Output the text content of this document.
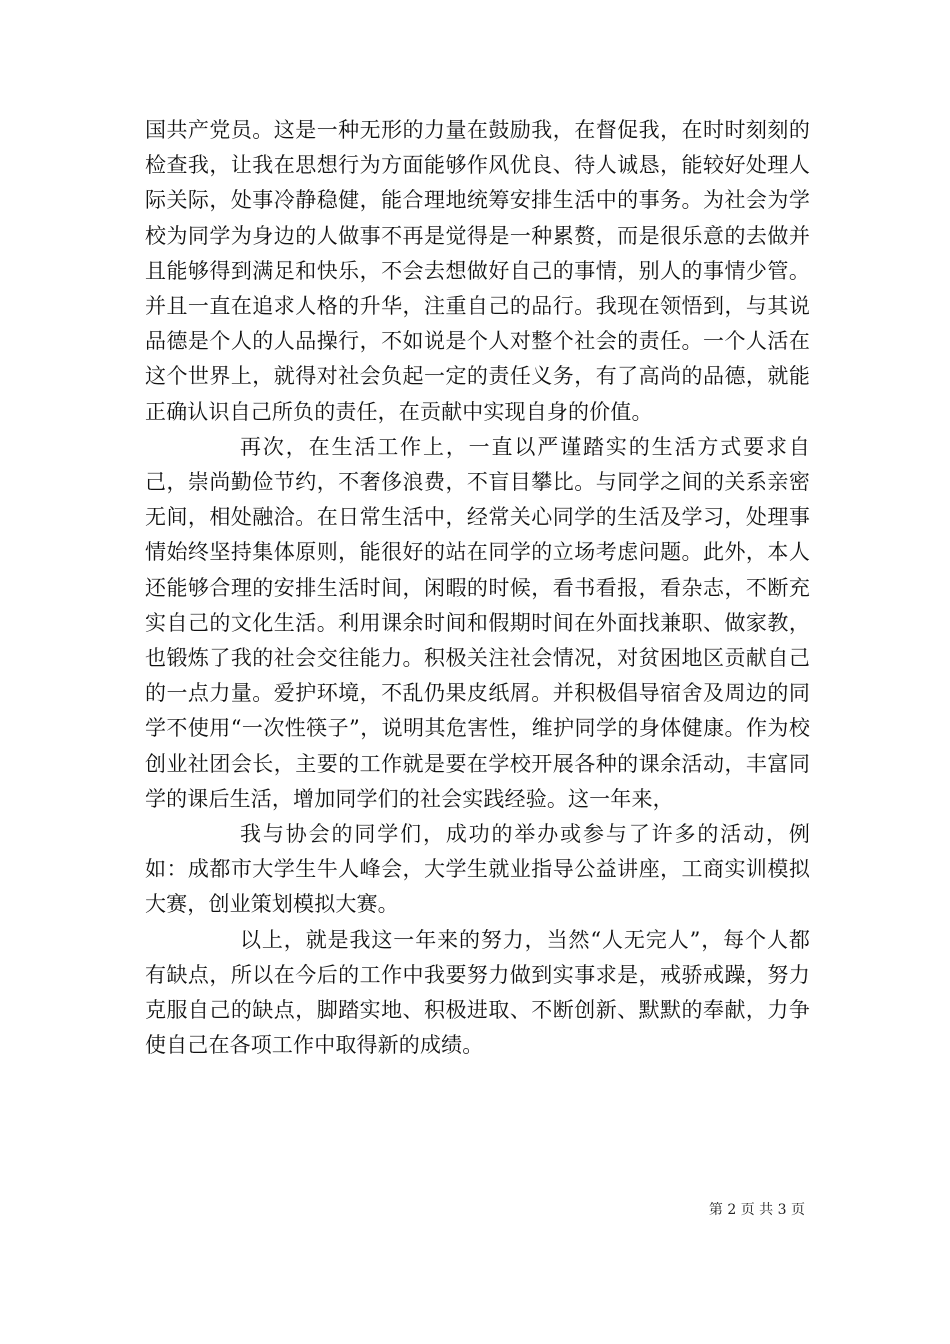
国共产党员。这是一种无形的力量在鼓励我，在督促我，在时时刻刻的检查我，让我在思想行为方面能够作风优良、待人诚恳，能较好处理人际关际，处事冷静稳健，能合理地统筹安排生活中的事务。为社会为学校为同学为身边的人做事不再是觉得是一种累赘，而是很乐意的去做并且能够得到满足和快乐，不会去想做好自己的事情，别人的事情少管。并且一直在追求人格的升华，注重自己的品行。我现在领悟到，与其说品德是个人的人品操行，不如说是个人对整个社会的责任。一个人活在这个世界上，就得对社会负起一定的责任义务，有了高尚的品德，就能正确认识自己所负的责任，在贡献中实现自身的价值。

再次，在生活工作上，一直以严谨踏实的生活方式要求自己，崇尚勤俭节约，不奢侈浪费，不盲目攀比。与同学之间的关系亲密无间，相处融洽。在日常生活中，经常关心同学的生活及学习，处理事情始终坚持集体原则，能很好的站在同学的立场考虑问题。此外，本人还能够合理的安排生活时间，闲暇的时候，看书看报，看杂志，不断充实自己的文化生活。利用课余时间和假期时间在外面找兼职、做家教，也锻炼了我的社会交往能力。积极关注社会情况，对贫困地区贡献自己的一点力量。爱护环境，不乱仍果皮纸屑。并积极倡导宿舍及周边的同学不使用“一次性筷子”，说明其危害性，维护同学的身体健康。作为校创业社团会长，主要的工作就是要在学校开展各种的课余活动，丰富同学的课后生活，增加同学们的社会实践经验。这一年来，

我与协会的同学们，成功的举办或参与了许多的活动，例如：成都市大学生牛人峰会，大学生就业指导公益讲座，工商实训模拟大赛，创业策划模拟大赛。

以上，就是我这一年来的努力，当然“人无完人”，每个人都有缺点，所以在今后的工作中我要努力做到实事求是，戒骄戒躁，努力克服自己的缺点，脚踏实地、积极进取、不断创新、默默的奉献，力争使自己在各项工作中取得新的成绩。

第 2 页 共 3 页
